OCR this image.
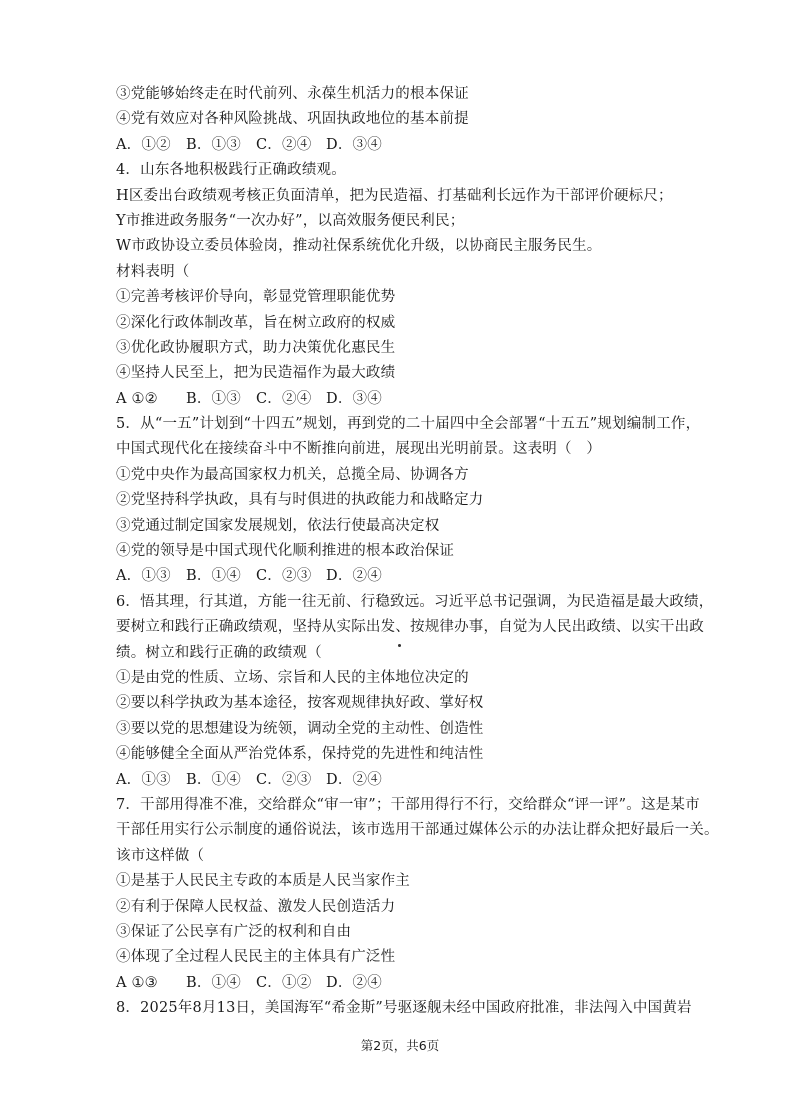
③党能够始终走在时代前列、永葆生机活力的根本保证
④党有效应对各种风险挑战、巩固执政地位的基本前提
A．①②	B．①③	C．②④	D．③④
4．山东各地积极践行正确政绩观。
H区委出台政绩观考核正负面清单，把为民造福、打基础利长远作为干部评价硬标尺；
Y市推进政务服务“一次办好”，以高效服务便民利民；
W市政协设立委员体验岗，推动社保系统优化升级，以协商民主服务民生。
材料表明（
①完善考核评价导向，彰显党管理职能优势
②深化行政体制改革，旨在树立政府的权威
③优化政协履职方式，助力决策优化惠民生
④坚持人民至上，把为民造福作为最大政绩
A ①②	B．①③	C．②④	D．③④
5．从“一五”计划到“十四五”规划，再到党的二十届四中全会部署“十五五”规划编制工作，
中国式现代化在接续奋斗中不断推向前进，展现出光明前景。这表明（　）
①党中央作为最高国家权力机关，总揽全局、协调各方
②党坚持科学执政，具有与时俱进的执政能力和战略定力
③党通过制定国家发展规划，依法行使最高决定权
④党的领导是中国式现代化顺利推进的根本政治保证
A．①③	B．①④	C．②③	D．②④
6．悟其理，行其道，方能一往无前、行稳致远。习近平总书记强调，为民造福是最大政绩，
要树立和践行正确政绩观，坚持从实际出发、按规律办事，自觉为人民出政绩、以实干出政
绩。树立和践行正确的政绩观（
①是由党的性质、立场、宗旨和人民的主体地位决定的
②要以科学执政为基本途径，按客观规律执好政、掌好权
③要以党的思想建设为统领，调动全党的主动性、创造性
④能够健全全面从严治党体系，保持党的先进性和纯洁性
A．①③	B．①④	C．②③	D．②④
7．干部用得准不准，交给群众“审一审”；干部用得行不行，交给群众“评一评”。这是某市
干部任用实行公示制度的通俗说法，该市选用干部通过媒体公示的办法让群众把好最后一关。
该市这样做（
①是基于人民民主专政的本质是人民当家作主
②有利于保障人民权益、激发人民创造活力
③保证了公民享有广泛的权利和自由
④体现了全过程人民民主的主体具有广泛性
A ①③	B．①④	C．①②	D．②④
8．2025年8月13日，美国海军“希金斯”号驱逐舰未经中国政府批准，非法闯入中国黄岩
第2页，共6页
